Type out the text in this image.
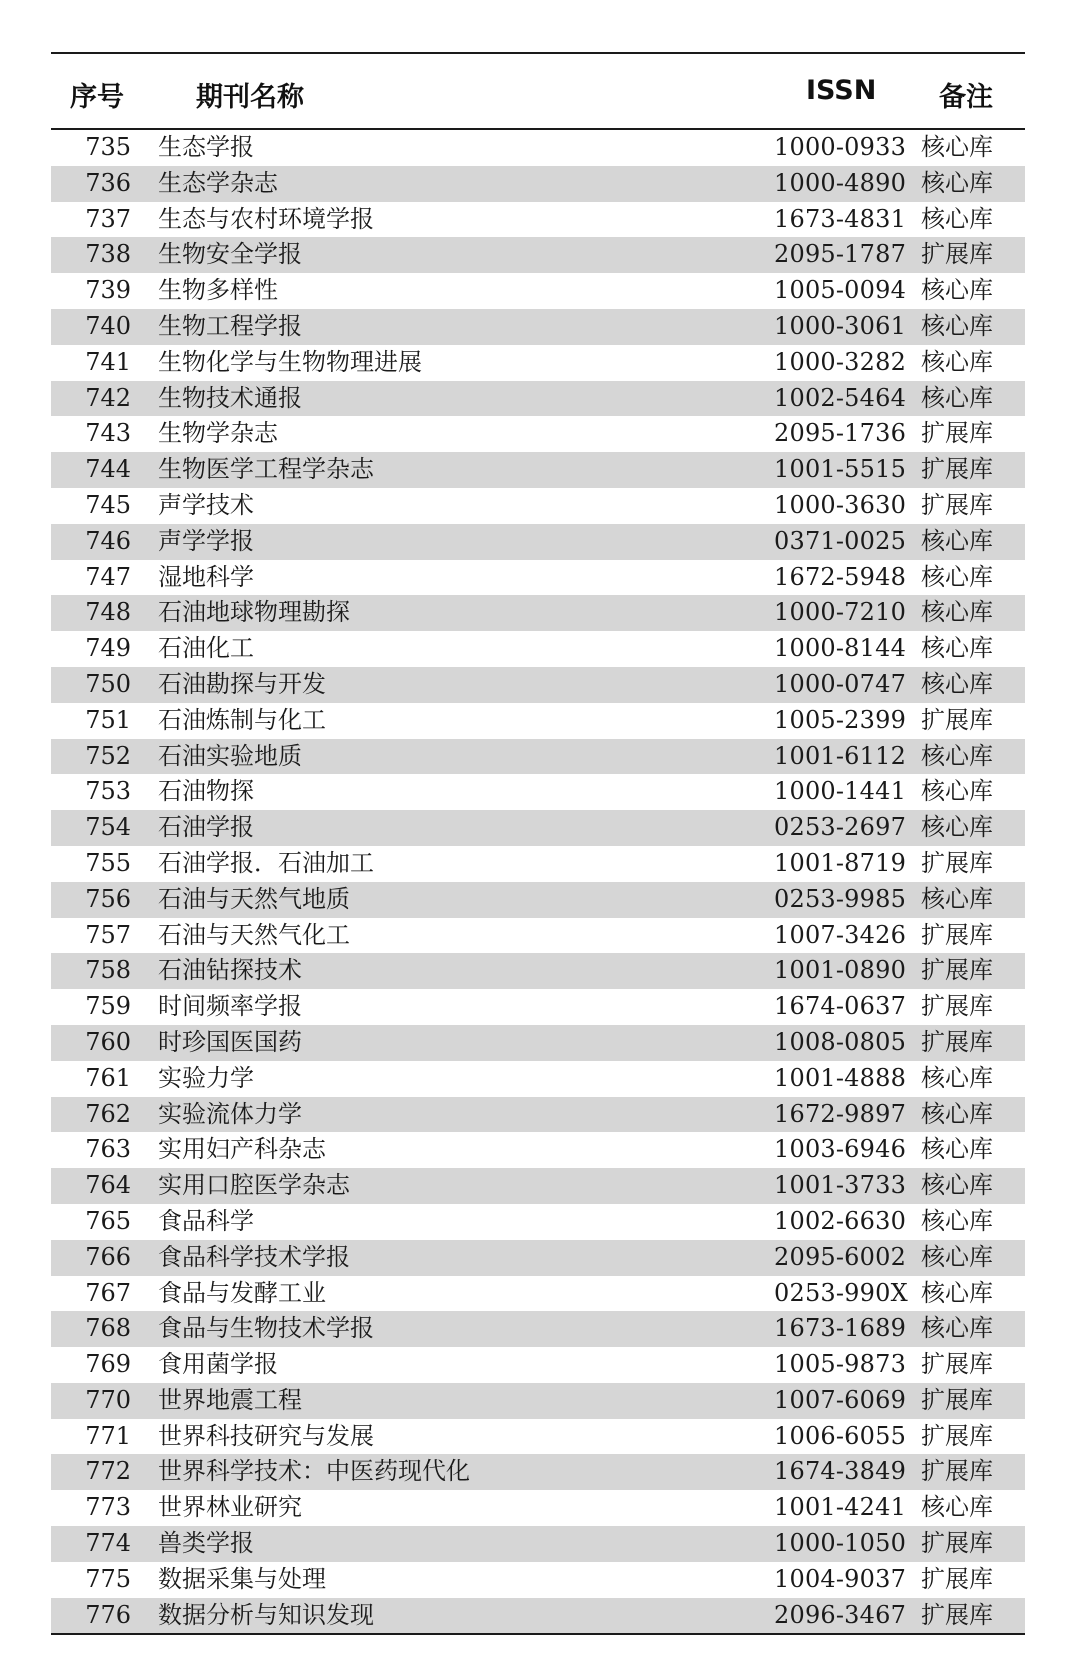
序号	期刊名称	ISSN 备注
735 生态学报	1000-0933 核心库
736 生态学杂志	1000-4890 核心库
737 生态与农村环境学报	1673-4831 核心库
738 生物安全学报	2095-1787 扩展库
739 生物多样性	1005-0094 核心库
740 生物工程学报	1000-3061 核心库
741 生物化学与生物物理进展	1000-3282 核心库
742 生物技术通报	1002-5464 核心库
743 生物学杂志	2095-1736 扩展库
744 生物医学工程学杂志	1001-5515 扩展库
745 声学技术	1000-3630 扩展库
746 声学学报	0371-0025 核心库
747 湿地科学	1672-5948 核心库
748 石油地球物理勘探	1000-7210 核心库
749 石油化工	1000-8144 核心库
750 石油勘探与开发	1000-0747 核心库
751 石油炼制与化工	1005-2399 扩展库
752 石油实验地质	1001-6112 核心库
753 石油物探	1000-1441 核心库
754 石油学报	0253-2697 核心库
755 石油学报．石油加工	1001-8719 扩展库
756 石油与天然气地质	0253-9985 核心库
757 石油与天然气化工	1007-3426 扩展库
758 石油钻探技术	1001-0890 扩展库
759 时间频率学报	1674-0637 扩展库
760 时珍国医国药	1008-0805 扩展库
761 实验力学	1001-4888 核心库
762 实验流体力学	1672-9897 核心库
763 实用妇产科杂志	1003-6946 核心库
764 实用口腔医学杂志	1001-3733 核心库
765 食品科学	1002-6630 核心库
766 食品科学技术学报	2095-6002 核心库
767 食品与发酵工业	0253-990X 核心库
768 食品与生物技术学报	1673-1689 核心库
769 食用菌学报	1005-9873 扩展库
770 世界地震工程	1007-6069 扩展库
771 世界科技研究与发展	1006-6055 扩展库
772 世界科学技术：中医药现代化	1674-3849 扩展库
773 世界林业研究	1001-4241 核心库
774 兽类学报	1000-1050 扩展库
775 数据采集与处理	1004-9037 扩展库
776 数据分析与知识发现	2096-3467 扩展库
